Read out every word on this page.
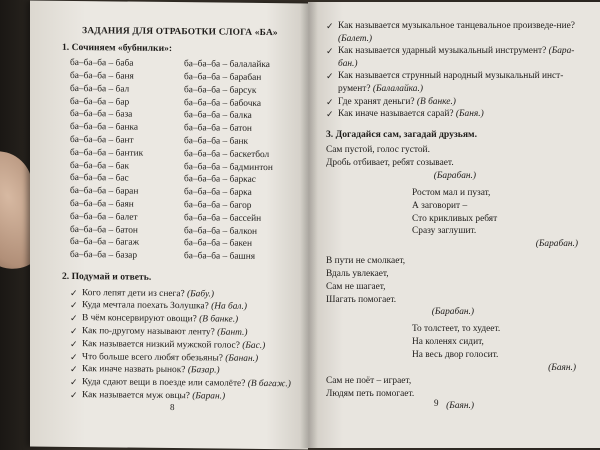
ЗАДАНИЯ ДЛЯ ОТРАБОТКИ СЛОГА «БА»
1. Сочиняем «бубнилки»:
ба–ба–ба – баба
ба–ба–ба – баня
ба–ба–ба – бал
ба–ба–ба – бар
ба–ба–ба – база
ба–ба–ба – банка
ба–ба–ба – бант
ба–ба–ба – бантик
ба–ба–ба – бак
ба–ба–ба – бас
ба–ба–ба – баран
ба–ба–ба – баян
ба–ба–ба – балет
ба–ба–ба – батон
ба–ба–ба – багаж
ба–ба–ба – базар
ба–ба–ба – балалайка
ба–ба–ба – барабан
ба–ба–ба – барсук
ба–ба–ба – бабочка
ба–ба–ба – балка
ба–ба–ба – батон
ба–ба–ба – банк
ба–ба–ба – баскетбол
ба–ба–ба – бадминтон
ба–ба–ба – баркас
ба–ба–ба – барка
ба–ба–ба – багор
ба–ба–ба – бассейн
ба–ба–ба – балкон
ба–ба–ба – бакен
ба–ба–ба – башня
2. Подумай и ответь.
✓ Кого лепят дети из снега?
(Бабу.)
✓ Куда мечтала поехать Золушка?
(На бал.)
✓ В чём консервируют овощи?
(В банке.)
✓ Как по-другому называют ленту?
(Бант.)
✓ Как называется низкий мужской голос?
(Бас.)
✓ Что больше всего любят обезьяны?
(Банан.)
✓ Как иначе назвать рынок?
(Базар.)
✓ Куда сдают вещи в поезде или самолёте?
(В багаж.)
✓ Как называется муж овцы?
(Баран.)
8
✓ Как называется музыкальное танцевальное произведе-ние? (Балет.)
✓ Как называется ударный музыкальный инструмент? (Бара-бан.)
✓ Как называется струнный народный музыкальный инст-румент? (Балалайка.)
✓ Где хранят деньги? (В банке.)
✓ Как иначе называется сарай? (Баня.)
3. Догадайся сам, загадай друзьям.
Сам пустой, голос густой.
Дробь отбивает, ребят созывает.
(Барабан.)
Ростом мал и пузат,
А заговорит –
Сто крикливых ребят
Сразу заглушит.
(Барабан.)
В пути не смолкает,
Вдаль увлекает,
Сам не шагает,
Шагать помогает.
(Барабан.)
То толстеет, то худеет.
На коленях сидит,
На весь двор голосит.
(Баян.)
Сам не поёт – играет,
Людям петь помогает.
(Баян.)
9
